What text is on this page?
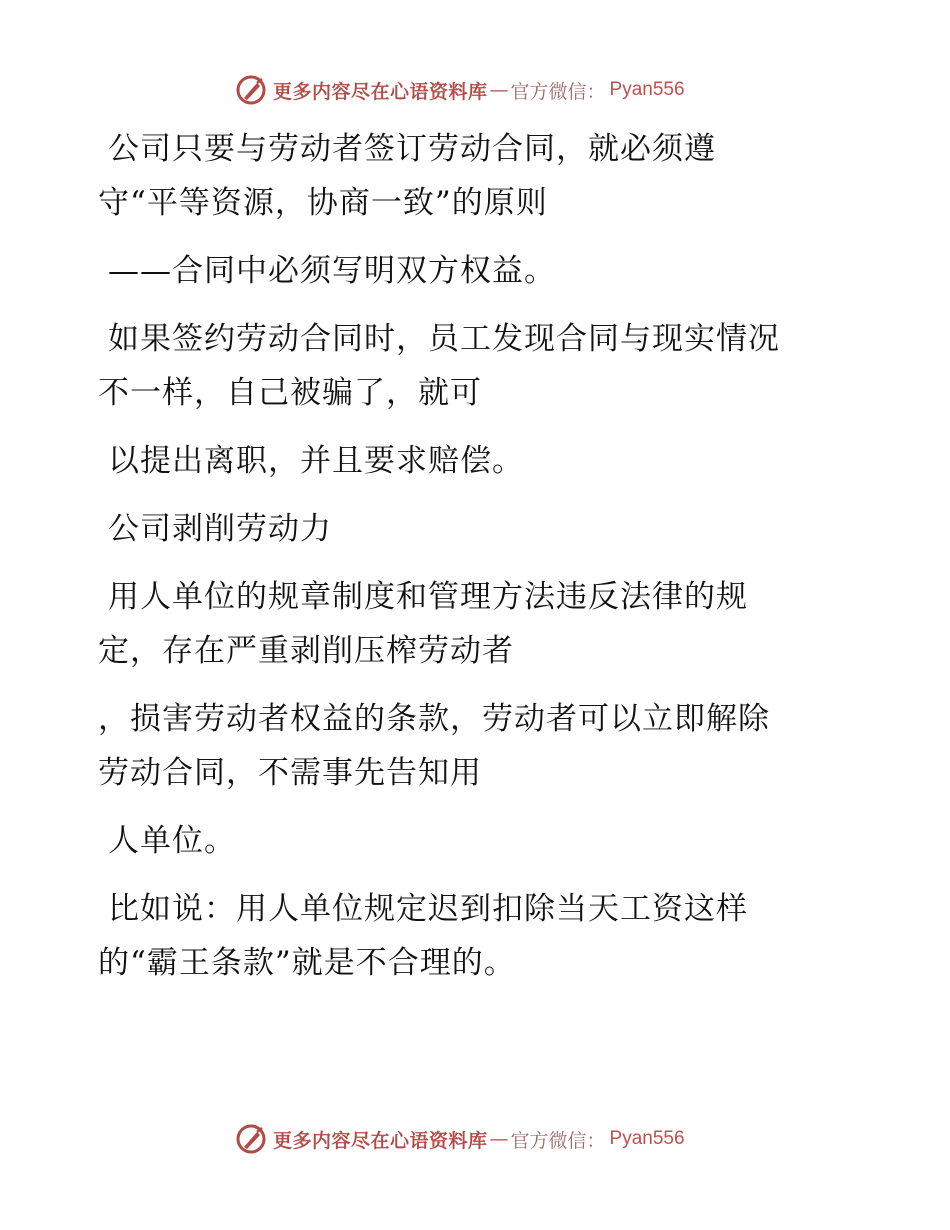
更多内容尽在心语资料库 — 官方微信： Pyan556
公司只要与劳动者签订劳动合同，就必须遵
守“平等资源，协商一致”的原则
——合同中必须写明双方权益。
如果签约劳动合同时，员工发现合同与现实情况
不一样，自己被骗了，就可
以提出离职，并且要求赔偿。
公司剥削劳动力
用人单位的规章制度和管理方法违反法律的规
定，存在严重剥削压榨劳动者
，损害劳动者权益的条款，劳动者可以立即解除
劳动合同，不需事先告知用
人单位。
比如说：用人单位规定迟到扣除当天工资这样
的“霸王条款”就是不合理的。
更多内容尽在心语资料库 — 官方微信： Pyan556
